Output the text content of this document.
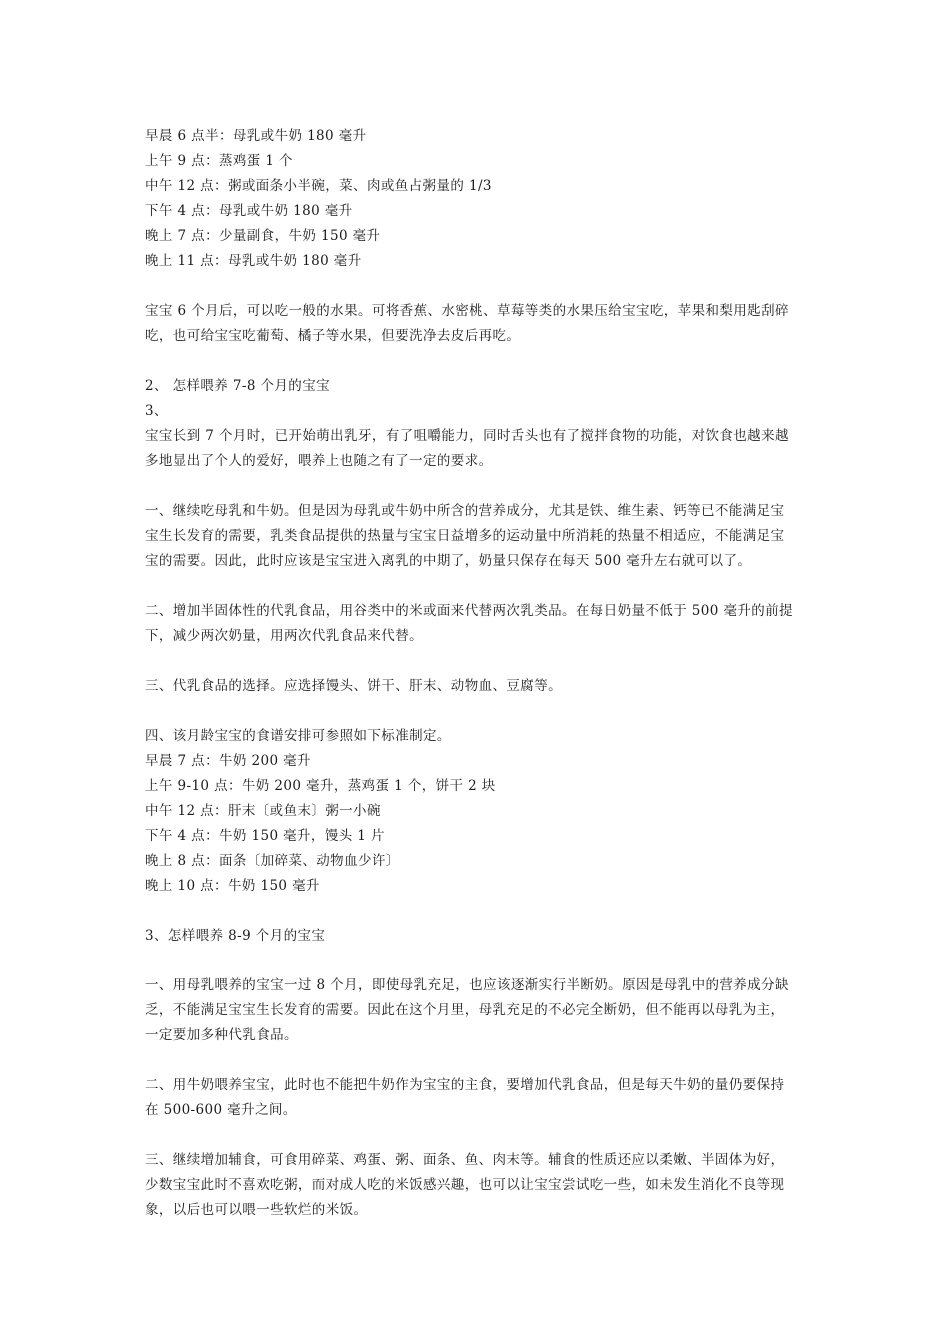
早晨 6 点半：母乳或牛奶 180 毫升
上午 9 点：蒸鸡蛋 1 个
中午 12 点：粥或面条小半碗，菜、肉或鱼占粥量的 1/3
下午 4 点：母乳或牛奶 180 毫升
晚上 7 点：少量副食，牛奶 150 毫升
晚上 11 点：母乳或牛奶 180 毫升
宝宝 6 个月后，可以吃一般的水果。可将香蕉、水密桃、草莓等类的水果压给宝宝吃，苹果和梨用匙刮碎
吃，也可给宝宝吃葡萄、橘子等水果，但要洗净去皮后再吃。
2、 怎样喂养 7-8 个月的宝宝
3、
宝宝长到 7 个月时，已开始萌出乳牙，有了咀嚼能力，同时舌头也有了搅拌食物的功能，对饮食也越来越
多地显出了个人的爱好，喂养上也随之有了一定的要求。
一、继续吃母乳和牛奶。但是因为母乳或牛奶中所含的营养成分，尤其是铁、维生素、钙等已不能满足宝
宝生长发育的需要，乳类食品提供的热量与宝宝日益增多的运动量中所消耗的热量不相适应，不能满足宝
宝的需要。因此，此时应该是宝宝进入离乳的中期了，奶量只保存在每天 500 毫升左右就可以了。
二、增加半固体性的代乳食品，用谷类中的米或面来代替两次乳类品。在每日奶量不低于 500 毫升的前提
下，减少两次奶量，用两次代乳食品来代替。
三、代乳食品的选择。应选择馒头、饼干、肝末、动物血、豆腐等。
四、该月龄宝宝的食谱安排可参照如下标准制定。
早晨 7 点：牛奶 200 毫升
上午 9-10 点：牛奶 200 毫升，蒸鸡蛋 1 个，饼干 2 块
中午 12 点：肝末〔或鱼末〕粥一小碗
下午 4 点：牛奶 150 毫升，馒头 1 片
晚上 8 点：面条〔加碎菜、动物血少许〕
晚上 10 点：牛奶 150 毫升
3、怎样喂养 8-9 个月的宝宝
一、用母乳喂养的宝宝一过 8 个月，即使母乳充足，也应该逐渐实行半断奶。原因是母乳中的营养成分缺
乏，不能满足宝宝生长发育的需要。因此在这个月里，母乳充足的不必完全断奶，但不能再以母乳为主，
一定要加多种代乳食品。
二、用牛奶喂养宝宝，此时也不能把牛奶作为宝宝的主食，要增加代乳食品，但是每天牛奶的量仍要保持
在 500-600 毫升之间。
三、继续增加辅食，可食用碎菜、鸡蛋、粥、面条、鱼、肉末等。辅食的性质还应以柔嫩、半固体为好，
少数宝宝此时不喜欢吃粥，而对成人吃的米饭感兴趣，也可以让宝宝尝试吃一些，如未发生消化不良等现
象，以后也可以喂一些软烂的米饭。
